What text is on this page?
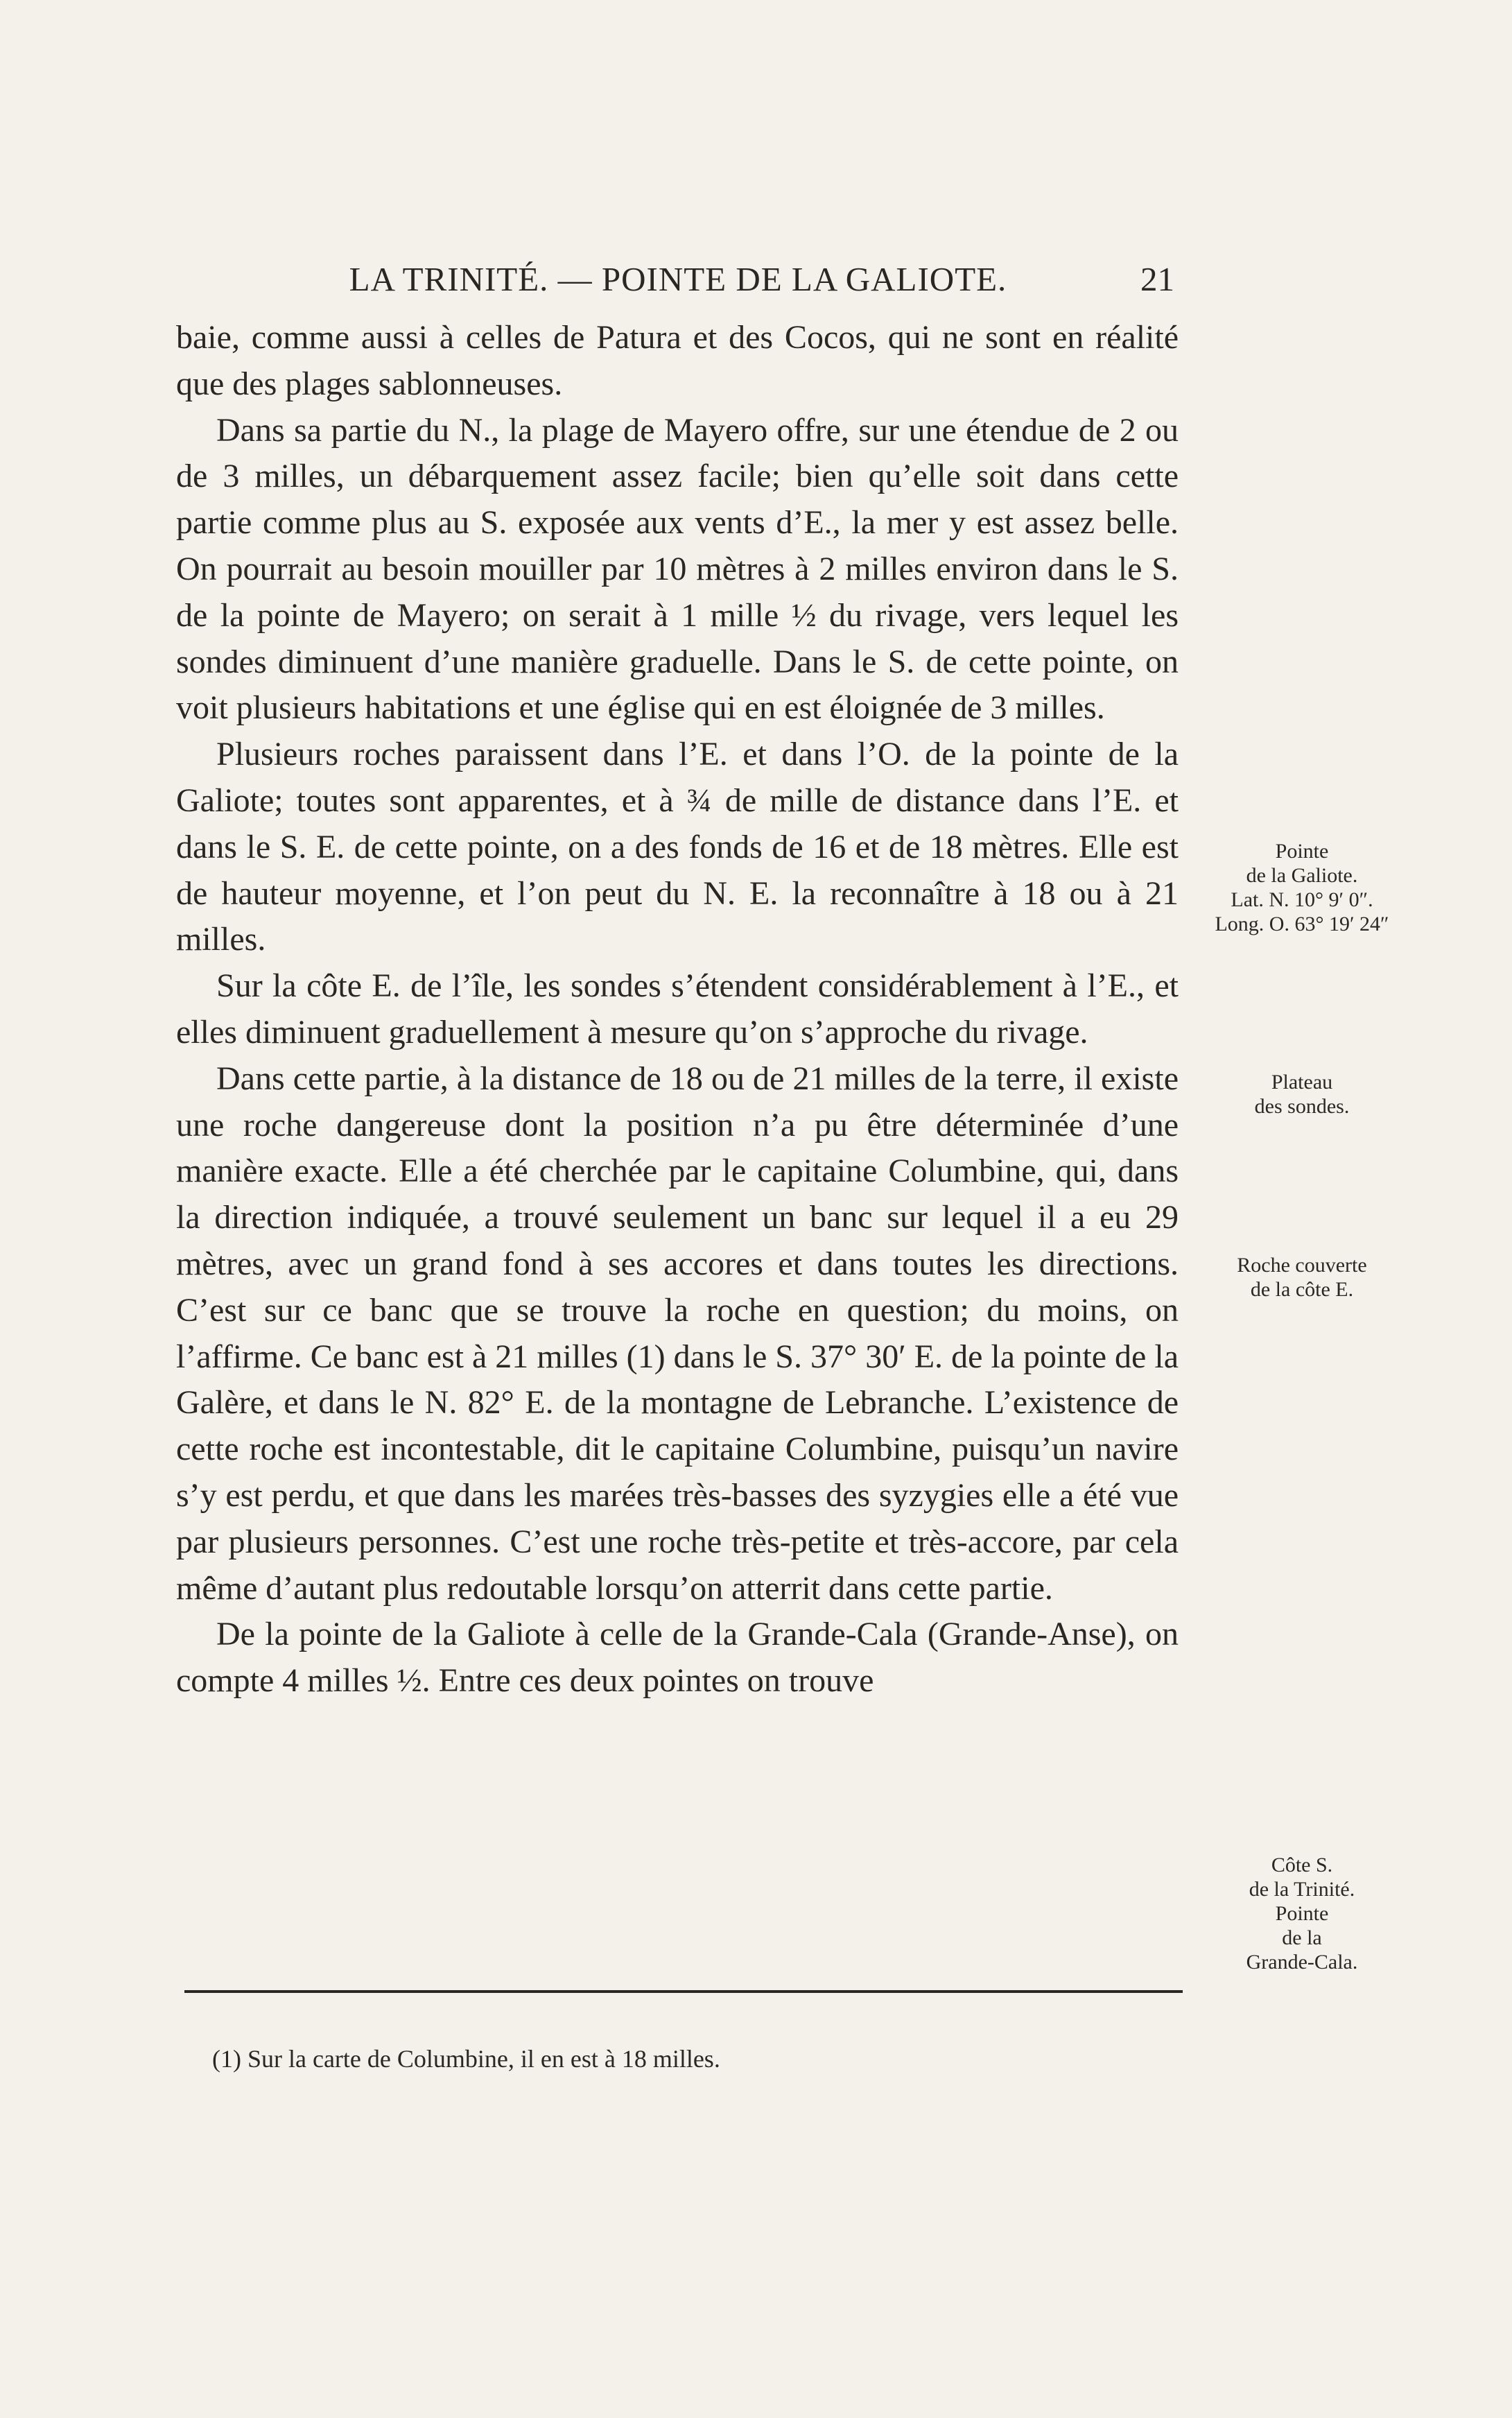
LA TRINITÉ. — POINTE DE LA GALIOTE.	21

baie, comme aussi à celles de Patura et des Cocos, qui ne sont en réalité que des plages sablonneuses.

Dans sa partie du N., la plage de Mayero offre, sur une étendue de 2 ou de 3 milles, un débarquement assez facile; bien qu’elle soit dans cette partie comme plus au S. exposée aux vents d’E., la mer y est assez belle. On pourrait au besoin mouiller par 10 mètres à 2 milles environ dans le S. de la pointe de Mayero; on serait à 1 mille ½ du rivage, vers lequel les sondes diminuent d’une manière graduelle. Dans le S. de cette pointe, on voit plusieurs habitations et une église qui en est éloignée de 3 milles.

Plusieurs roches paraissent dans l’E. et dans l’O. de la pointe de la Galiote; toutes sont apparentes, et à ¾ de mille de distance dans l’E. et dans le S. E. de cette pointe, on a des fonds de 16 et de 18 mètres. Elle est de hauteur moyenne, et l’on peut du N. E. la reconnaître à 18 ou à 21 milles.

Sur la côte E. de l’île, les sondes s’étendent considérablement à l’E., et elles diminuent graduellement à mesure qu’on s’approche du rivage.

Dans cette partie, à la distance de 18 ou de 21 milles de la terre, il existe une roche dangereuse dont la position n’a pu être déterminée d’une manière exacte. Elle a été cherchée par le capitaine Columbine, qui, dans la direction indiquée, a trouvé seulement un banc sur lequel il a eu 29 mètres, avec un grand fond à ses accores et dans toutes les directions. C’est sur ce banc que se trouve la roche en question; du moins, on l’affirme. Ce banc est à 21 milles (1) dans le S. 37° 30′ E. de la pointe de la Galère, et dans le N. 82° E. de la montagne de Lebranche. L’existence de cette roche est incontestable, dit le capitaine Columbine, puisqu’un navire s’y est perdu, et que dans les marées très-basses des syzygies elle a été vue par plusieurs personnes. C’est une roche très-petite et très-accore, par cela même d’autant plus redoutable lorsqu’on atterrit dans cette partie.

De la pointe de la Galiote à celle de la Grande-Cala (Grande-Anse), on compte 4 milles ½. Entre ces deux pointes on trouve

Pointe
de la Galiote.
Lat. N. 10° 9′ 0″.
Long. O. 63° 19′ 24″
Plateau
des sondes.
Roche couverte
de la côte E.
Côte S.
de la Trinité.
Pointe
de la
Grande-Cala.
(1) Sur la carte de Columbine, il en est à 18 milles.
